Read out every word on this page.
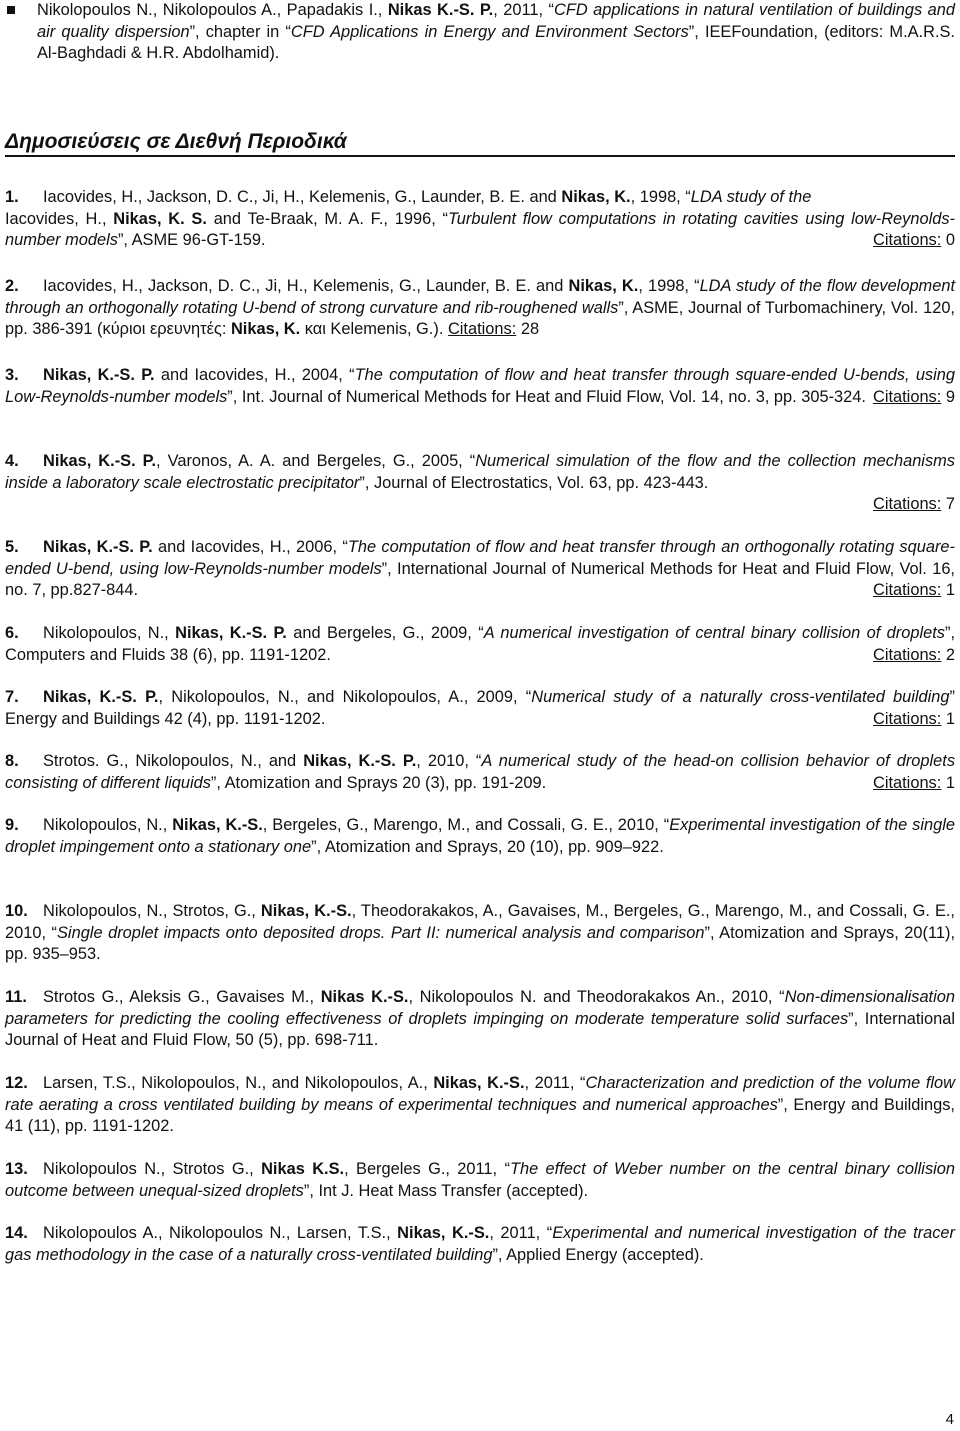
Nikolopoulos N., Nikolopoulos A., Papadakis I., Nikas K.-S. P., 2011, “CFD applications in natural ventilation of buildings and air quality dispersion”, chapter in “CFD Applications in Energy and Environment Sectors”, IEEFoundation, (editors: M.A.R.S. Al-Baghdadi & H.R. Abdolhamid).
Δημοσιεύσεις σε Διεθνή Περιοδικά
1. Iacovides, H., Jackson, D. C., Ji, H., Kelemenis, G., Launder, B. E. and Nikas, K., 1998, “LDA study of the
Iacovides, H., Nikas, K. S. and Te-Braak, M. A. F., 1996, “Turbulent flow computations in rotating cavities using low-Reynolds-number models”, ASME 96-GT-159.	Citations: 0
2. Iacovides, H., Jackson, D. C., Ji, H., Kelemenis, G., Launder, B. E. and Nikas, K., 1998, “LDA study of the flow development through an orthogonally rotating U-bend of strong curvature and rib-roughened walls”, ASME, Journal of Turbomachinery, Vol. 120, pp. 386-391 (κύριοι ερευνητές: Nikas, K. και Kelemenis, G.). Citations: 28
3. Nikas, K.-S. P. and Iacovides, H., 2004, “The computation of flow and heat transfer through square-ended U-bends, using Low-Reynolds-number models”, Int. Journal of Numerical Methods for Heat and Fluid Flow, Vol. 14, no. 3, pp. 305-324. Citations: 9
4. Nikas, K.-S. P., Varonos, A. A. and Bergeles, G., 2005, “Numerical simulation of the flow and the collection mechanisms inside a laboratory scale electrostatic precipitator”, Journal of Electrostatics, Vol. 63, pp. 423-443.
Citations: 7
5. Nikas, K.-S. P. and Iacovides, H., 2006, “The computation of flow and heat transfer through an orthogonally rotating square-ended U-bend, using low-Reynolds-number models”, International Journal of Numerical Methods for Heat and Fluid Flow, Vol. 16, no. 7, pp.827-844.	Citations: 1
6. Nikolopoulos, N., Nikas, K.-S. P. and Bergeles, G., 2009, “A numerical investigation of central binary collision of droplets”, Computers and Fluids 38 (6), pp. 1191-1202.	Citations: 2
7. Nikas, K.-S. P., Nikolopoulos, N., and Nikolopoulos, A., 2009, “Numerical study of a naturally cross-ventilated building” Energy and Buildings 42 (4), pp. 1191-1202.	Citations: 1
8. Strotos. G., Nikolopoulos, N., and Nikas, K.-S. P., 2010, “A numerical study of the head-on collision behavior of droplets consisting of different liquids”, Atomization and Sprays 20 (3), pp. 191-209.	Citations: 1
9. Nikolopoulos, N., Nikas, K.-S., Bergeles, G., Marengo, M., and Cossali, G. E., 2010, “Experimental investigation of the single droplet impingement onto a stationary one”, Atomization and Sprays, 20 (10), pp. 909–922.
10. Nikolopoulos, N., Strotos, G., Nikas, K.-S., Theodorakakos, A., Gavaises, M., Bergeles, G., Marengo, M., and Cossali, G. E., 2010, “Single droplet impacts onto deposited drops. Part II: numerical analysis and comparison”, Atomization and Sprays, 20(11), pp. 935–953.
11. Strotos G., Aleksis G., Gavaises M., Nikas K.-S., Nikolopoulos N. and Theodorakakos An., 2010, “Non-dimensionalisation parameters for predicting the cooling effectiveness of droplets impinging on moderate temperature solid surfaces”, International Journal of Heat and Fluid Flow, 50 (5), pp. 698-711.
12. Larsen, T.S., Nikolopoulos, N., and Nikolopoulos, A., Nikas, K.-S., 2011, “Characterization and prediction of the volume flow rate aerating a cross ventilated building by means of experimental techniques and numerical approaches”, Energy and Buildings, 41 (11), pp. 1191-1202.
13. Nikolopoulos N., Strotos G., Nikas K.S., Bergeles G., 2011, “The effect of Weber number on the central binary collision outcome between unequal-sized droplets”, Int J. Heat Mass Transfer (accepted).
14. Nikolopoulos A., Nikolopoulos N., Larsen, T.S., Nikas, K.-S., 2011, “Experimental and numerical investigation of the tracer gas methodology in the case of a naturally cross-ventilated building”, Applied Energy (accepted).
4
